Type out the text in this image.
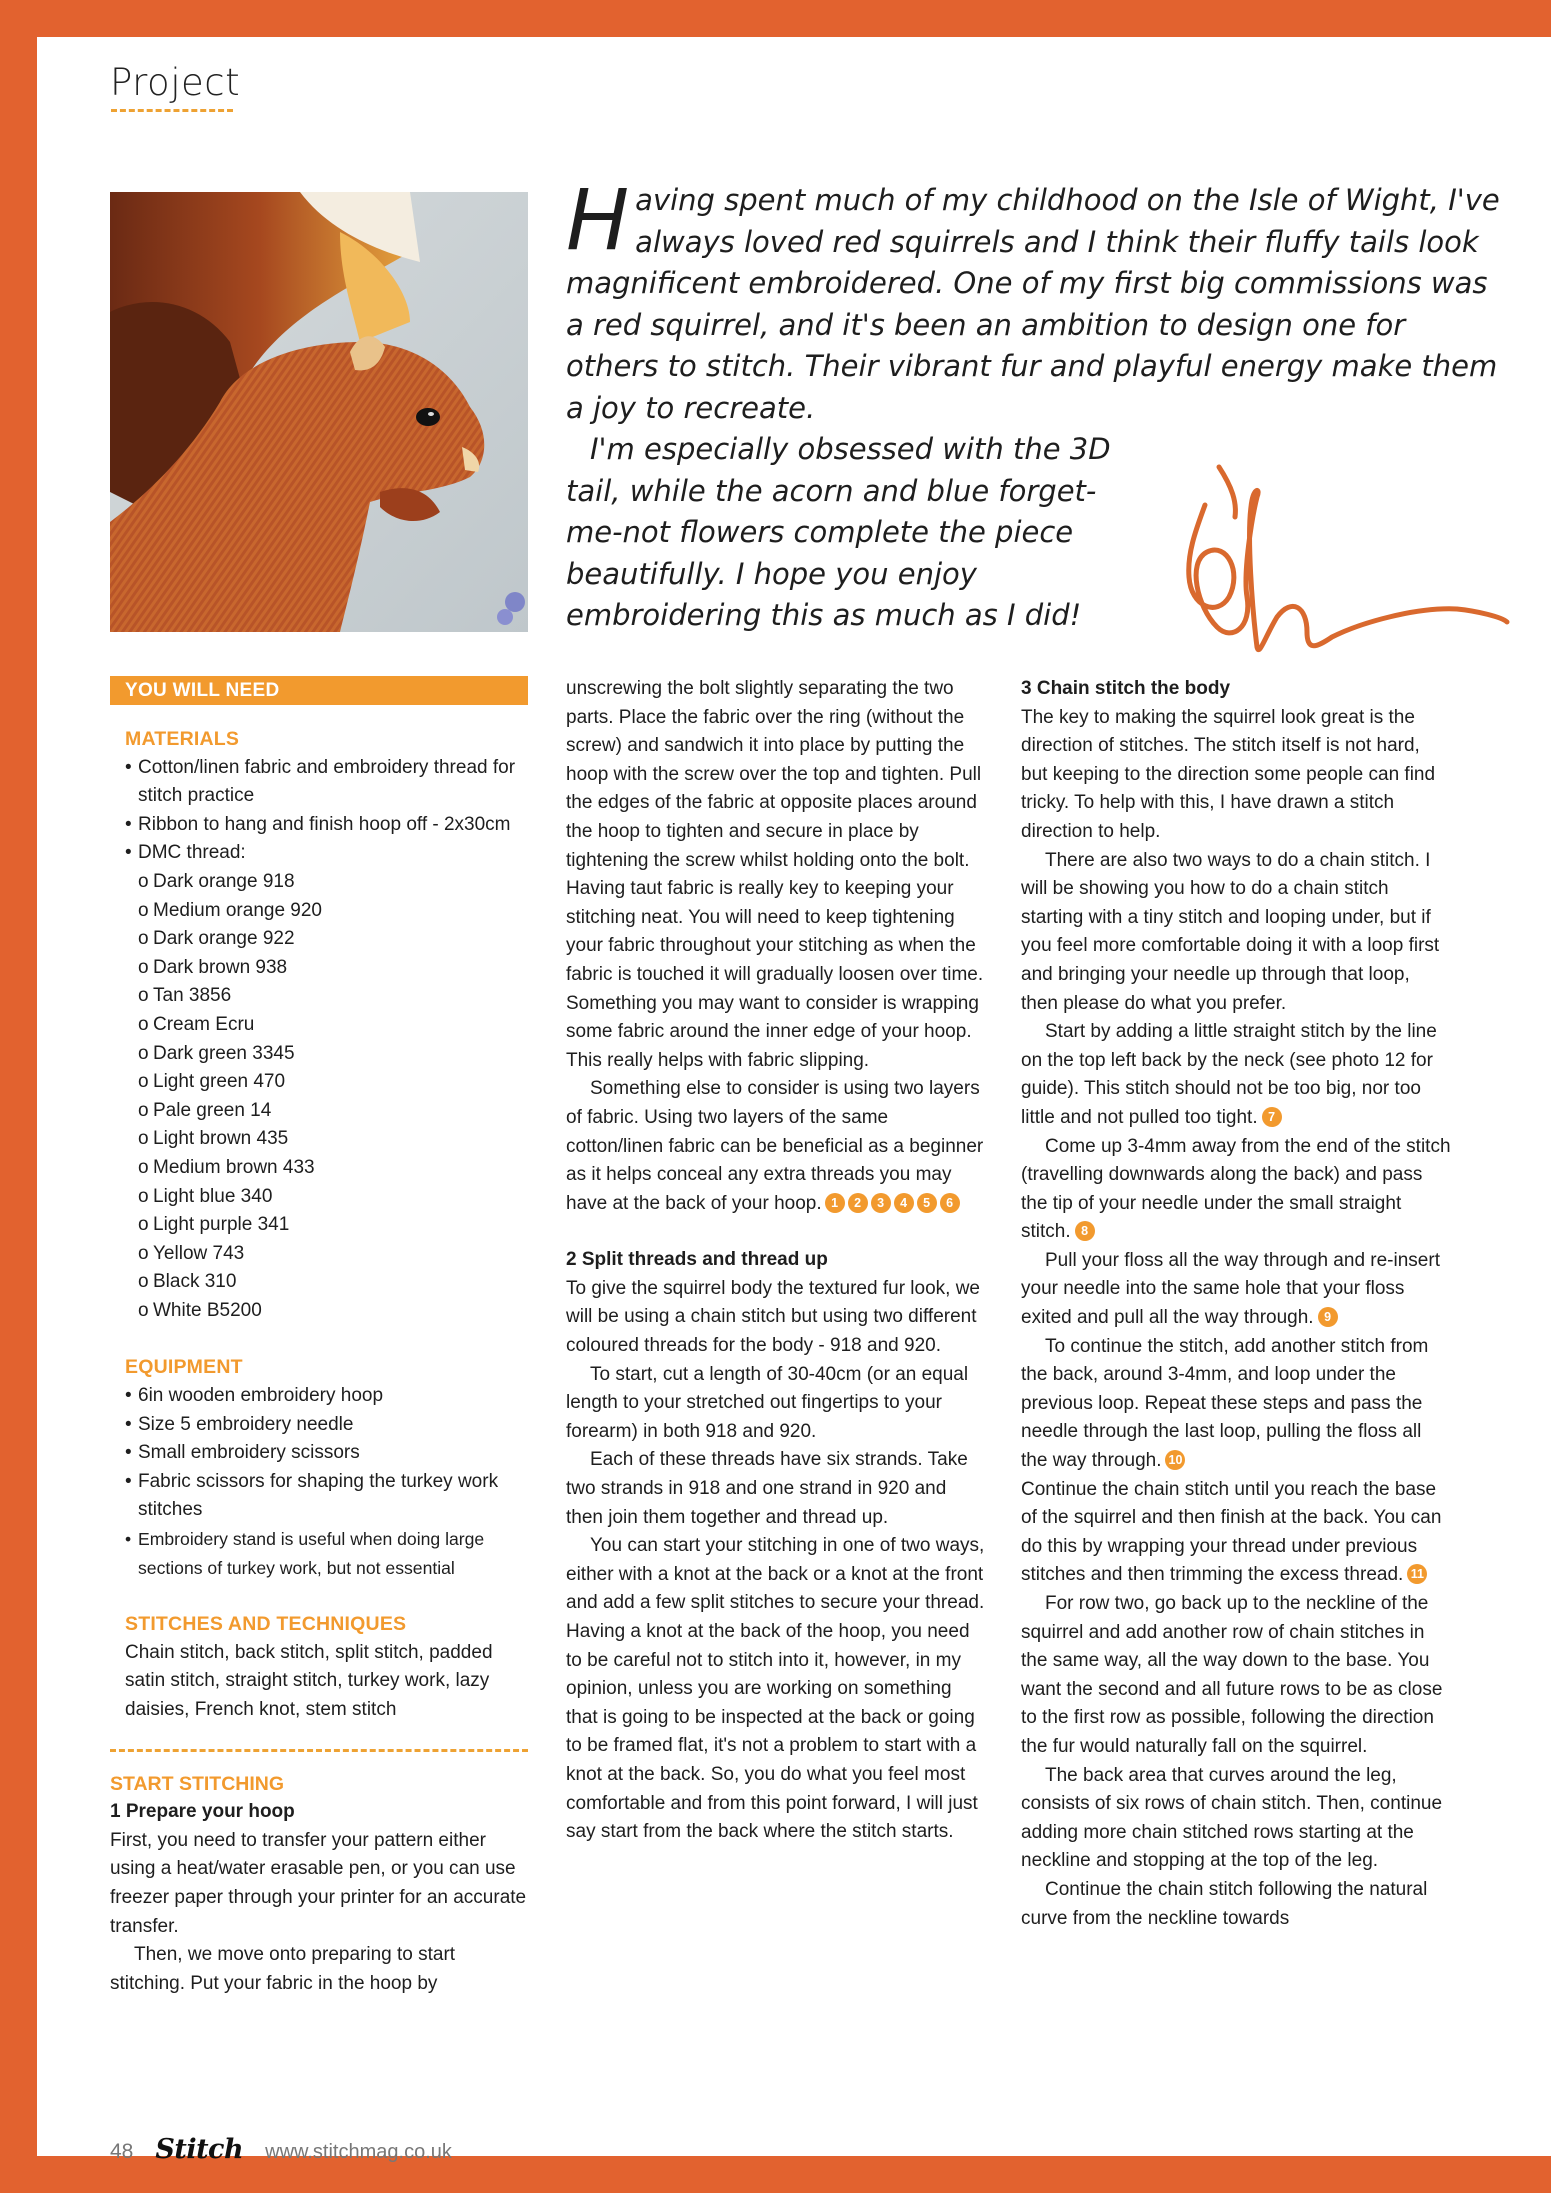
Project

Having spent much of my childhood on the Isle of Wight, I've always loved red squirrels and I think their fluffy tails look magnificent embroidered. One of my first big commissions was a red squirrel, and it's been an ambition to design one for others to stitch. Their vibrant fur and playful energy make them a joy to recreate.

I'm especially obsessed with the 3D tail, while the acorn and blue forget-me-not flowers complete the piece beautifully. I hope you enjoy embroidering this as much as I did!

YOU WILL NEED

MATERIALS

• Cotton/linen fabric and embroidery thread for stitch practice
• Ribbon to hang and finish hoop off - 2x30cm
• DMC thread:
o Dark orange 918
o Medium orange 920
o Dark orange 922
o Dark brown 938
o Tan 3856
o Cream Ecru
o Dark green 3345
o Light green 470
o Pale green 14
o Light brown 435
o Medium brown 433
o Light blue 340
o Light purple 341
o Yellow 743
o Black 310
o White B5200

EQUIPMENT

• 6in wooden embroidery hoop
• Size 5 embroidery needle
• Small embroidery scissors
• Fabric scissors for shaping the turkey work stitches
• Embroidery stand is useful when doing large sections of turkey work, but not essential

STITCHES AND TECHNIQUES

Chain stitch, back stitch, split stitch, padded satin stitch, straight stitch, turkey work, lazy daisies, French knot, stem stitch

START STITCHING

1 Prepare your hoop

First, you need to transfer your pattern either using a heat/water erasable pen, or you can use freezer paper through your printer for an accurate transfer.

Then, we move onto preparing to start stitching. Put your fabric in the hoop by

unscrewing the bolt slightly separating the two parts. Place the fabric over the ring (without the screw) and sandwich it into place by putting the hoop with the screw over the top and tighten. Pull the edges of the fabric at opposite places around the hoop to tighten and secure in place by tightening the screw whilst holding onto the bolt. Having taut fabric is really key to keeping your stitching neat. You will need to keep tightening your fabric throughout your stitching as when the fabric is touched it will gradually loosen over time. Something you may want to consider is wrapping some fabric around the inner edge of your hoop. This really helps with fabric slipping.

Something else to consider is using two layers of fabric. Using two layers of the same cotton/linen fabric can be beneficial as a beginner as it helps conceal any extra threads you may have at the back of your hoop. 1 2 3 4 5 6

2 Split threads and thread up

To give the squirrel body the textured fur look, we will be using a chain stitch but using two different coloured threads for the body - 918 and 920.

To start, cut a length of 30-40cm (or an equal length to your stretched out fingertips to your forearm) in both 918 and 920.

Each of these threads have six strands. Take two strands in 918 and one strand in 920 and then join them together and thread up.

You can start your stitching in one of two ways, either with a knot at the back or a knot at the front and add a few split stitches to secure your thread. Having a knot at the back of the hoop, you need to be careful not to stitch into it, however, in my opinion, unless you are working on something that is going to be inspected at the back or going to be framed flat, it's not a problem to start with a knot at the back. So, you do what you feel most comfortable and from this point forward, I will just say start from the back where the stitch starts.

3 Chain stitch the body

The key to making the squirrel look great is the direction of stitches. The stitch itself is not hard, but keeping to the direction some people can find tricky. To help with this, I have drawn a stitch direction to help.

There are also two ways to do a chain stitch. I will be showing you how to do a chain stitch starting with a tiny stitch and looping under, but if you feel more comfortable doing it with a loop first and bringing your needle up through that loop, then please do what you prefer.

Start by adding a little straight stitch by the line on the top left back by the neck (see photo 12 for guide). This stitch should not be too big, nor too little and not pulled too tight. 7

Come up 3-4mm away from the end of the stitch (travelling downwards along the back) and pass the tip of your needle under the small straight stitch. 8

Pull your floss all the way through and re-insert your needle into the same hole that your floss exited and pull all the way through. 9

To continue the stitch, add another stitch from the back, around 3-4mm, and loop under the previous loop. Repeat these steps and pass the needle through the last loop, pulling the floss all the way through. 10

Continue the chain stitch until you reach the base of the squirrel and then finish at the back. You can do this by wrapping your thread under previous stitches and then trimming the excess thread. 11

For row two, go back up to the neckline of the squirrel and add another row of chain stitches in the same way, all the way down to the base. You want the second and all future rows to be as close to the first row as possible, following the direction the fur would naturally fall on the squirrel.

The back area that curves around the leg, consists of six rows of chain stitch. Then, continue adding more chain stitched rows starting at the neckline and stopping at the top of the leg.

Continue the chain stitch following the natural curve from the neckline towards

48 Stitch www.stitchmag.co.uk
